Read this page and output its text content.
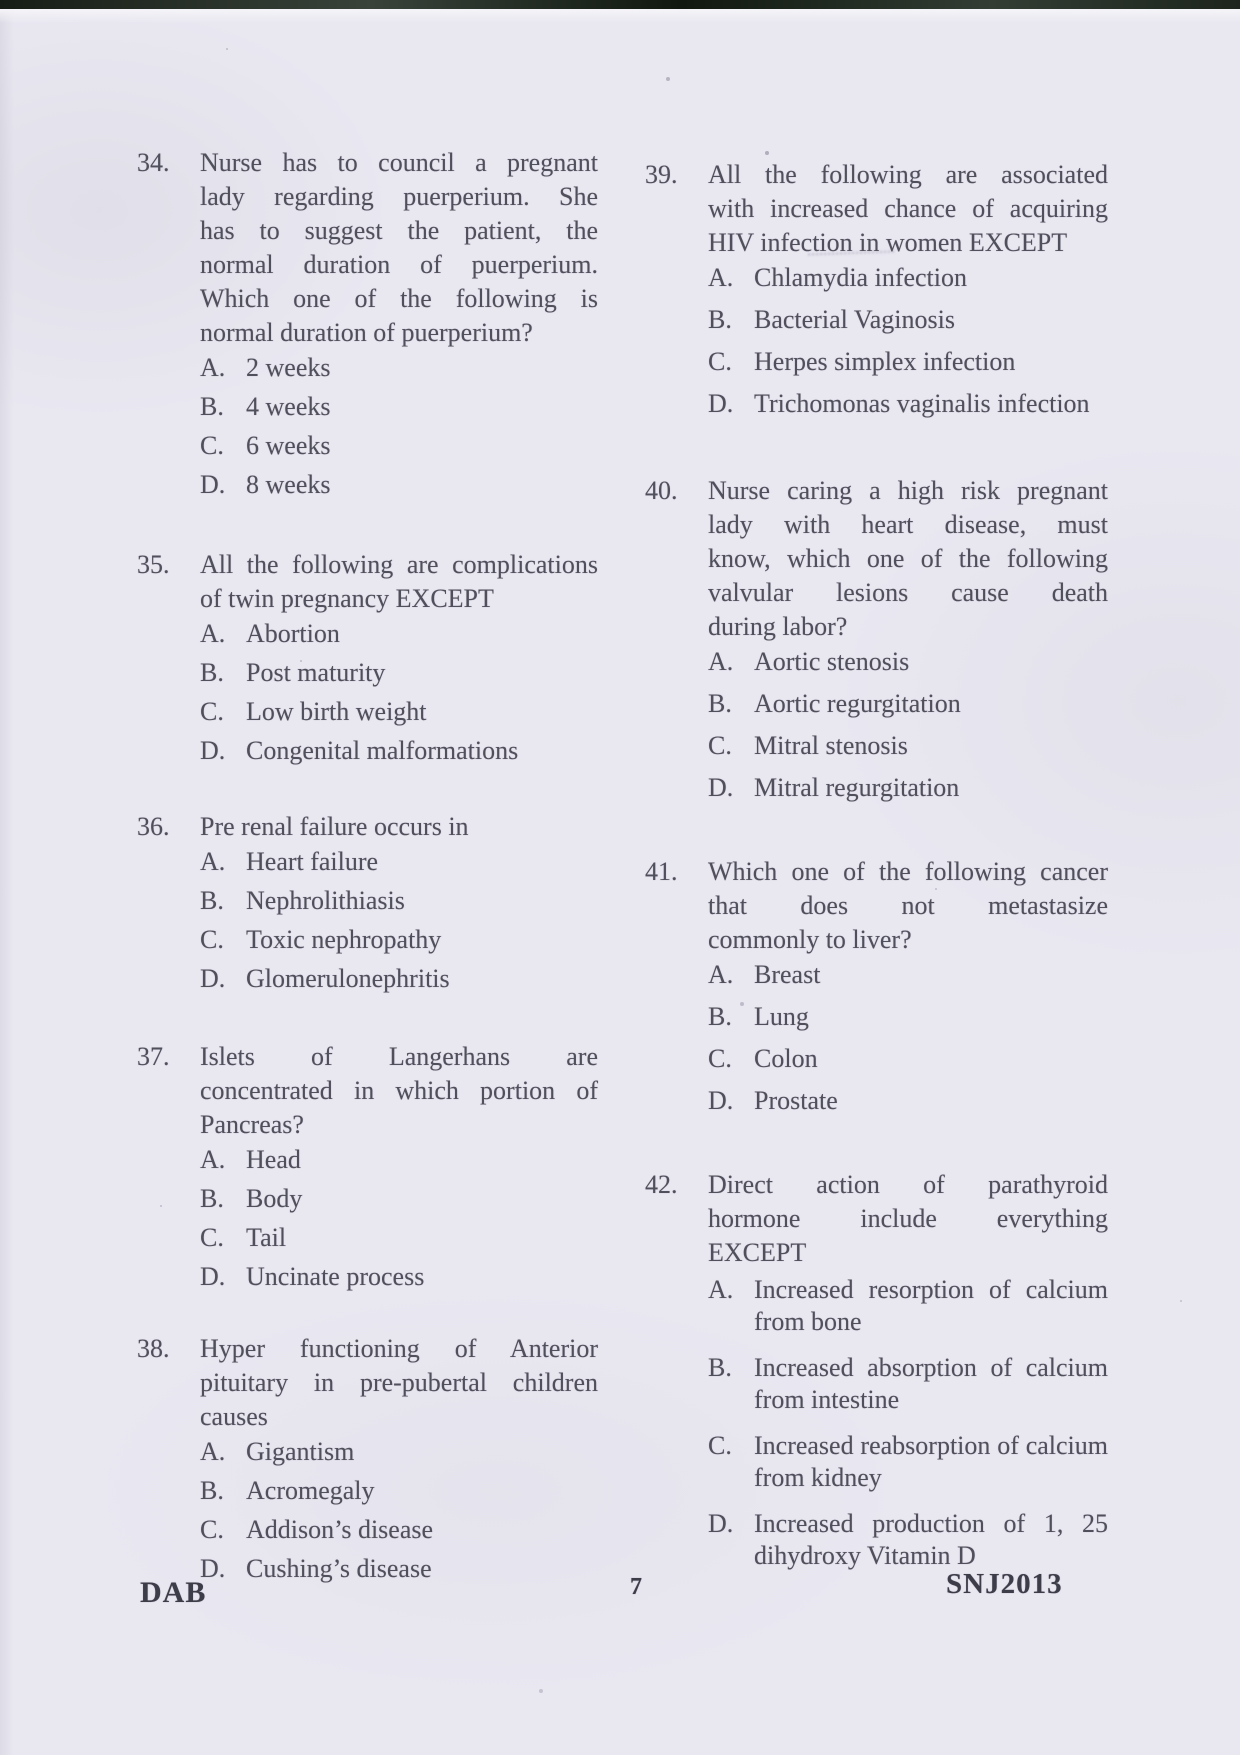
34.	Nurse has to council a pregnant
lady regarding puerperium. She
has to suggest the patient, the
normal duration of puerperium.
Which one of the following is
normal duration of puerperium?
A. 2 weeks
B. 4 weeks
C. 6 weeks
D. 8 weeks
35.	All the following are complications
of twin pregnancy EXCEPT
A. Abortion
B. Post maturity
C. Low birth weight
D. Congenital malformations
36.	Pre renal failure occurs in
A. Heart failure
B. Nephrolithiasis
C. Toxic nephropathy
D. Glomerulonephritis
37.	Islets of Langerhans are
concentrated in which portion of
Pancreas?
A. Head
B. Body
C. Tail
D. Uncinate process
38.	Hyper functioning of Anterior
pituitary in pre-pubertal children
causes
A. Gigantism
B. Acromegaly
C. Addison’s disease
D. Cushing’s disease
39.	All the following are associated
with increased chance of acquiring
HIV infection in women EXCEPT
A. Chlamydia infection
B. Bacterial Vaginosis
C. Herpes simplex infection
D. Trichomonas vaginalis infection
40.	Nurse caring a high risk pregnant
lady with heart disease, must
know, which one of the following
valvular lesions cause death
during labor?
A. Aortic stenosis
B. Aortic regurgitation
C. Mitral stenosis
D. Mitral regurgitation
41.	Which one of the following cancer
that does not metastasize
commonly to liver?
A. Breast
B. Lung
C. Colon
D. Prostate
42.	Direct action of parathyroid
hormone include everything
EXCEPT
A. Increased resorption of calcium
from bone
B. Increased absorption of calcium
from intestine
C. Increased reabsorption of calcium
from kidney
D. Increased production of 1, 25
dihydroxy Vitamin D
DAB	7	SNJ2013
